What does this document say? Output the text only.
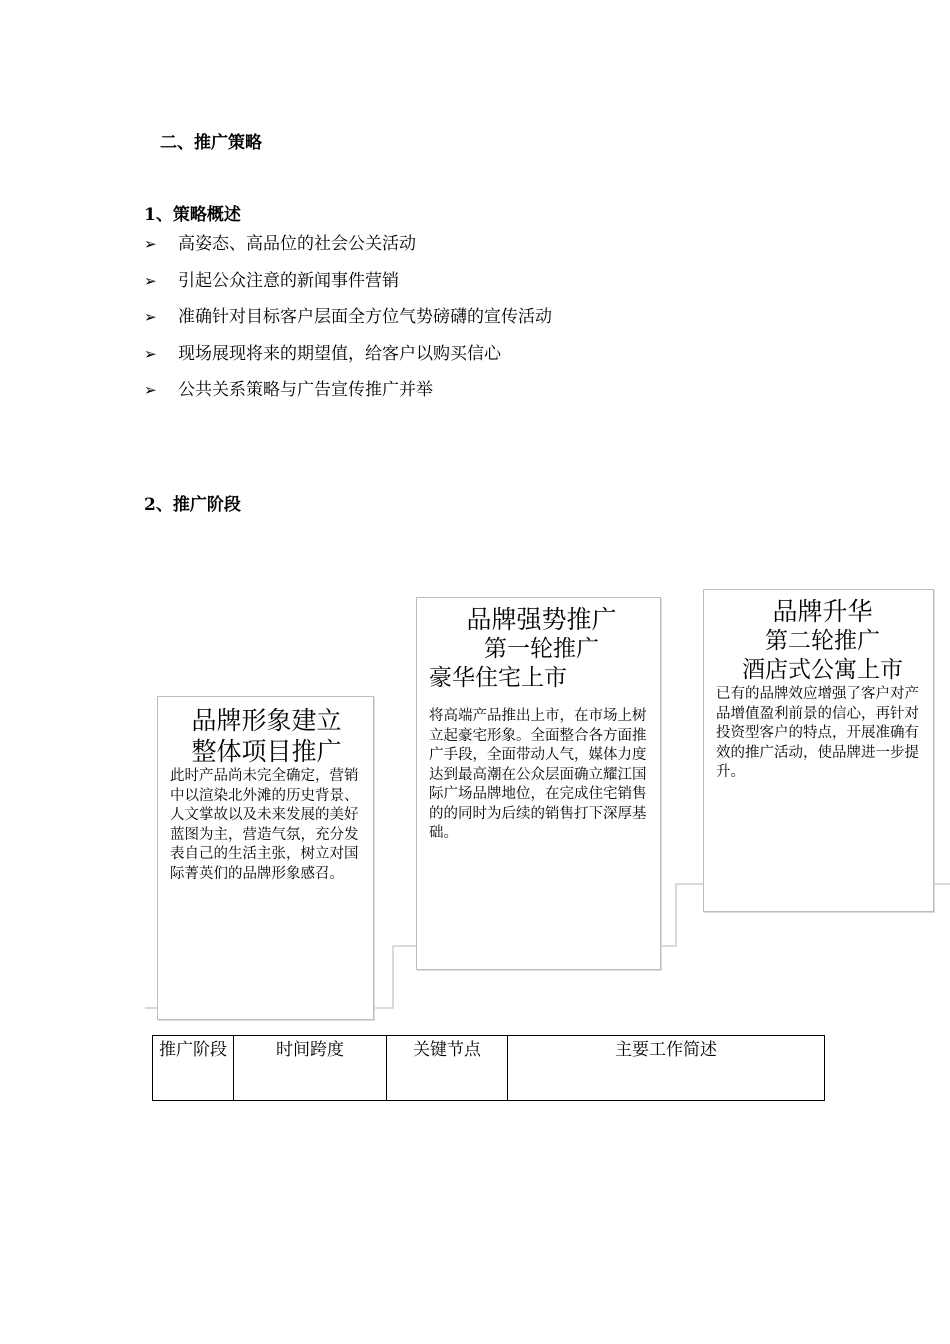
二、推广策略
1、策略概述
➢	高姿态、高品位的社会公关活动
➢	引起公众注意的新闻事件营销
➢	准确针对目标客户层面全方位气势磅礴的宣传活动
➢	现场展现将来的期望值，给客户以购买信心
➢	公共关系策略与广告宣传推广并举
2、推广阶段
品牌形象建立
整体项目推广
此时产品尚未完全确定，营销中以渲染北外滩的历史背景、人文掌故以及未来发展的美好蓝图为主，营造气氛，充分发表自己的生活主张，树立对国际菁英们的品牌形象感召。
品牌强势推广
第一轮推广
豪华住宅上市
将高端产品推出上市，在市场上树立起豪宅形象。全面整合各方面推广手段，全面带动人气，媒体力度达到最高潮在公众层面确立耀江国际广场品牌地位，在完成住宅销售的的同时为后续的销售打下深厚基础。
品牌升华
第二轮推广
酒店式公寓上市
已有的品牌效应增强了客户对产品增值盈利前景的信心，再针对投资型客户的特点，开展准确有效的推广活动，使品牌进一步提升。
推广阶段	时间跨度	关键节点	主要工作简述
